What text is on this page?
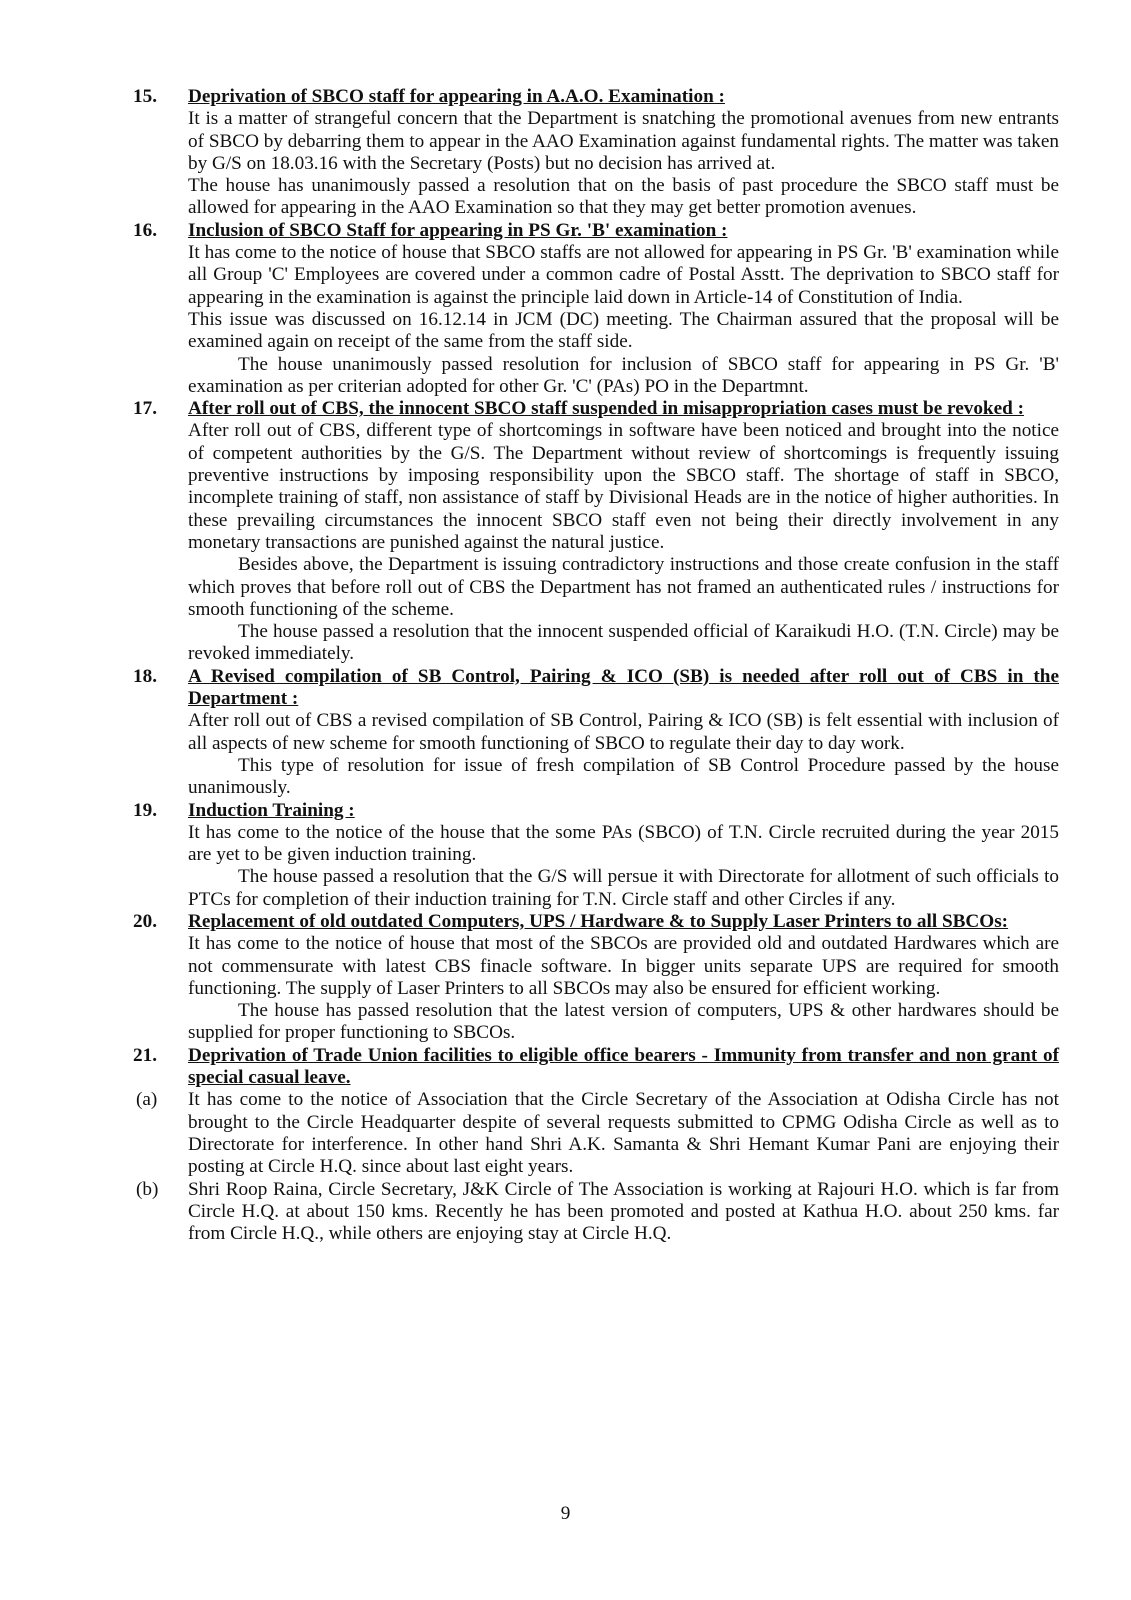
15. Deprivation of SBCO staff for appearing in A.A.O. Examination :

It is a matter of strangeful concern that the Department is snatching the promotional avenues from new entrants of SBCO by debarring them to appear in the AAO Examination against fundamental rights. The matter was taken by G/S on 18.03.16 with the Secretary (Posts) but no decision has arrived at.

The house has unanimously passed a resolution that on the basis of past procedure the SBCO staff must be allowed for appearing in the AAO Examination so that they may get better promotion avenues.

16. Inclusion of SBCO Staff for appearing in PS Gr. 'B' examination :

It has come to the notice of house that SBCO staffs are not allowed for appearing in PS Gr. 'B' examination while all Group 'C' Employees are covered under a common cadre of Postal Asstt. The deprivation to SBCO staff for appearing in the examination is against the principle laid down in Article-14 of Constitution of India.

This issue was discussed on 16.12.14 in JCM (DC) meeting. The Chairman assured that the proposal will be examined again on receipt of the same from the staff side.

The house unanimously passed resolution for inclusion of SBCO staff for appearing in PS Gr. 'B' examination as per criterian adopted for other Gr. 'C' (PAs) PO in the Departmnt.

17. After roll out of CBS, the innocent SBCO staff suspended in misappropriation cases must be revoked :

After roll out of CBS, different type of shortcomings in software have been noticed and brought into the notice of competent authorities by the G/S. The Department without review of shortcomings is frequently issuing preventive instructions by imposing responsibility upon the SBCO staff. The shortage of staff in SBCO, incomplete training of staff, non assistance of staff by Divisional Heads are in the notice of higher authorities. In these prevailing circumstances the innocent SBCO staff even not being their directly involvement in any monetary transactions are punished against the natural justice.

Besides above, the Department is issuing contradictory instructions and those create confusion in the staff which proves that before roll out of CBS the Department has not framed an authenticated rules / instructions for smooth functioning of the scheme.

The house passed a resolution that the innocent suspended official of Karaikudi H.O. (T.N. Circle) may be revoked immediately.

18. A Revised compilation of SB Control, Pairing & ICO (SB) is needed after roll out of CBS in the Department :

After roll out of CBS a revised compilation of SB Control, Pairing & ICO (SB) is felt essential with inclusion of all aspects of new scheme for smooth functioning of SBCO to regulate their day to day work.

This type of resolution for issue of fresh compilation of SB Control Procedure passed by the house unanimously.

19. Induction Training :

It has come to the notice of the house that the some PAs (SBCO) of T.N. Circle recruited during the year 2015 are yet to be given induction training.

The house passed a resolution that the G/S will persue it with Directorate for allotment of such officials to PTCs for completion of their induction training for T.N. Circle staff and other Circles if any.

20. Replacement of old outdated Computers, UPS / Hardware & to Supply Laser Printers to all SBCOs:

It has come to the notice of house that most of the SBCOs are provided old and outdated Hardwares which are not commensurate with latest CBS finacle software. In bigger units separate UPS are required for smooth functioning. The supply of Laser Printers to all SBCOs may also be ensured for efficient working.

The house has passed resolution that the latest version of computers, UPS & other hardwares should be supplied for proper functioning to SBCOs.

21. Deprivation of Trade Union facilities to eligible office bearers - Immunity from transfer and non grant of special casual leave.
(a) It has come to the notice of Association that the Circle Secretary of the Association at Odisha Circle has not brought to the Circle Headquarter despite of several requests submitted to CPMG Odisha Circle as well as to Directorate for interference. In other hand Shri A.K. Samanta & Shri Hemant Kumar Pani are enjoying their posting at Circle H.Q. since about last eight years.

(b) Shri Roop Raina, Circle Secretary, J&K Circle of The Association is working at Rajouri H.O. which is far from Circle H.Q. at about 150 kms. Recently he has been promoted and posted at Kathua H.O. about 250 kms. far from Circle H.Q., while others are enjoying stay at Circle H.Q.

9
